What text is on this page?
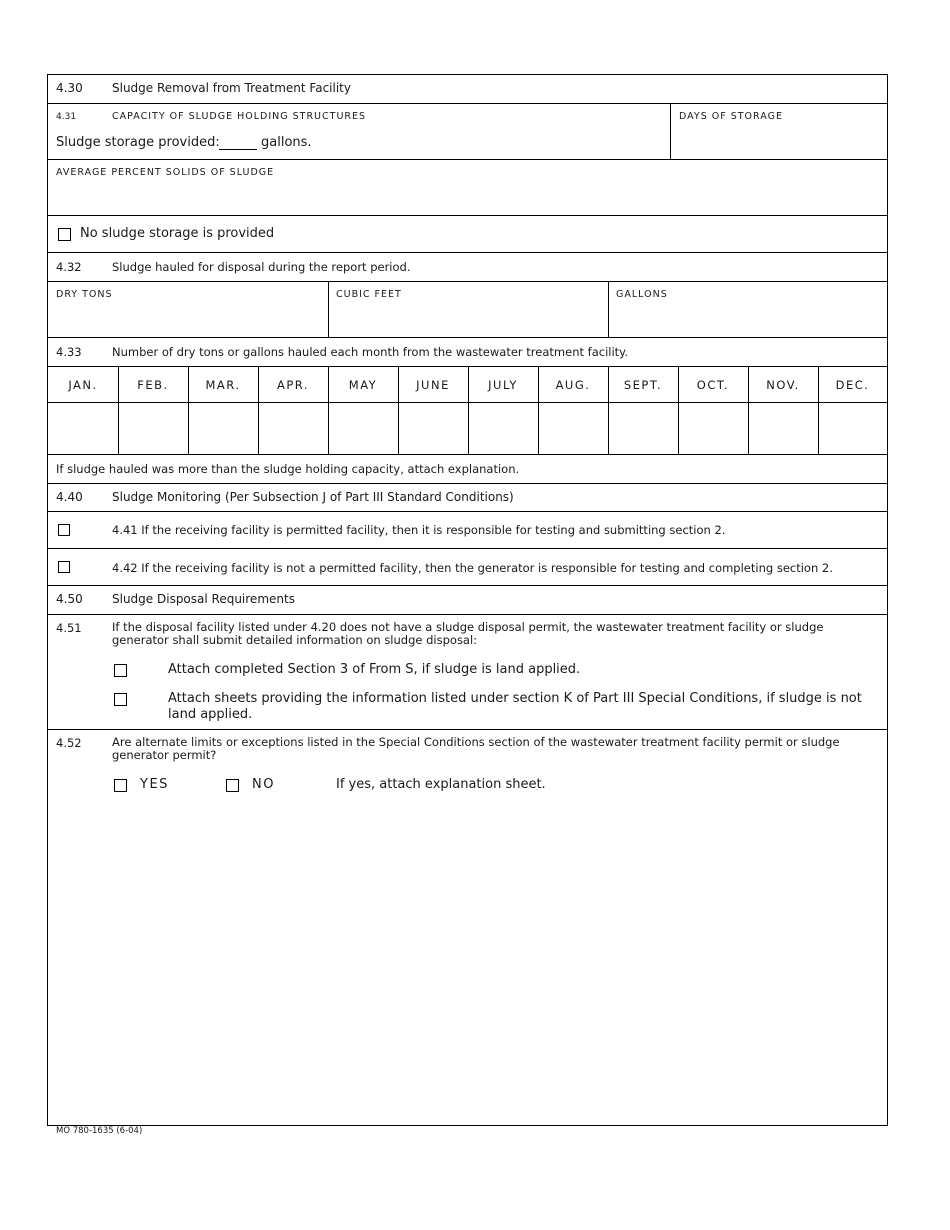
4.30 Sludge Removal from Treatment Facility
4.31	CAPACITY OF SLUDGE HOLDING STRUCTURES
Sludge storage provided:	gallons.
DAYS OF STORAGE
AVERAGE PERCENT SOLIDS OF SLUDGE
No sludge storage is provided
4.32	Sludge hauled for disposal during the report period.
DRY TONS	CUBIC FEET	GALLONS
4.33	Number of dry tons or gallons hauled each month from the wastewater treatment facility.
JAN.	FEB.	MAR.	APR.	MAY	JUNE	JULY	AUG.	SEPT.	OCT.	NOV.	DEC.
If sludge hauled was more than the sludge holding capacity, attach explanation.
4.40 Sludge Monitoring (Per Subsection J of Part III Standard Conditions)
4.41 If the receiving facility is permitted facility, then it is responsible for testing and submitting section 2.
4.42 If the receiving facility is not a permitted facility, then the generator is responsible for testing and completing section 2.
4.50 Sludge Disposal Requirements
4.51	If the disposal facility listed under 4.20 does not have a sludge disposal permit, the wastewater treatment facility or sludge generator shall submit detailed information on sludge disposal:
Attach completed Section 3 of From S, if sludge is land applied.
Attach sheets providing the information listed under section K of Part III Special Conditions, if sludge is not land applied.
4.52	Are alternate limits or exceptions listed in the Special Conditions section of the wastewater treatment facility permit or sludge generator permit?
YES	NO	If yes, attach explanation sheet.
MO 780-1635 (6-04)
